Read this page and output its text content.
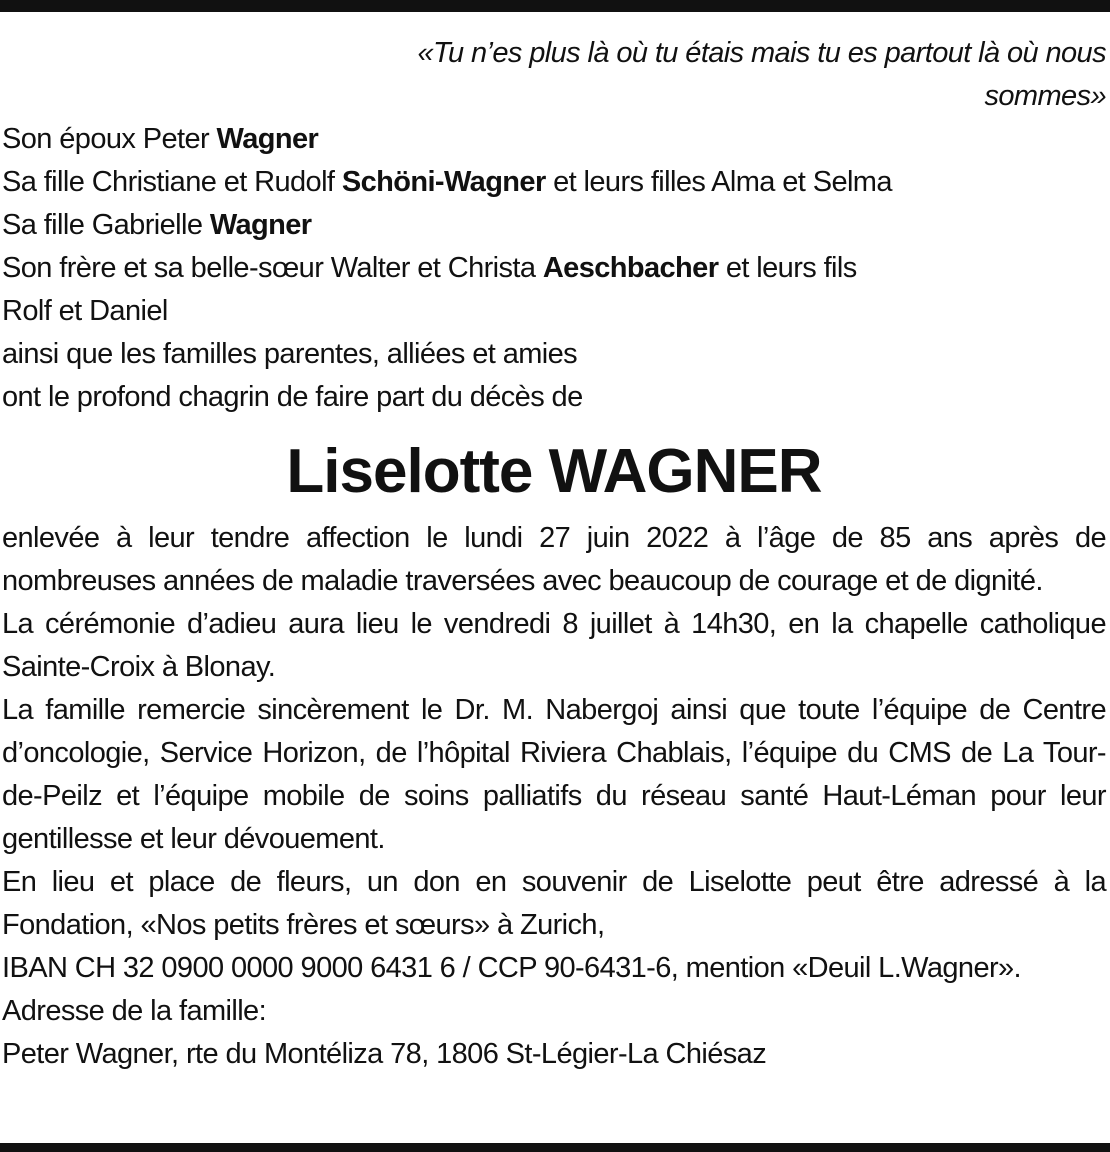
«Tu n’es plus là où tu étais mais tu es partout là où nous sommes»
Son époux Peter Wagner
Sa fille Christiane et Rudolf Schöni-Wagner et leurs filles Alma et Selma
Sa fille Gabrielle Wagner
Son frère et sa belle-sœur Walter et Christa Aeschbacher et leurs fils
Rolf et Daniel
ainsi que les familles parentes, alliées et amies
ont le profond chagrin de faire part du décès de
Liselotte WAGNER

enlevée à leur tendre affection le lundi 27 juin 2022 à l’âge de 85 ans après de nombreuses années de maladie traversées avec beaucoup de courage et de dignité.

La cérémonie d’adieu aura lieu le vendredi 8 juillet à 14h30, en la chapelle catholique Sainte-Croix à Blonay.

La famille remercie sincèrement le Dr. M. Nabergoj ainsi que toute l’équipe de Centre d’oncologie, Service Horizon, de l’hôpital Riviera Chablais, l’équipe du CMS de La Tour-de-Peilz et l’équipe mobile de soins palliatifs du réseau santé Haut-Léman pour leur gentillesse et leur dévouement.

En lieu et place de fleurs, un don en souvenir de Liselotte peut être adressé à la Fondation, «Nos petits frères et sœurs» à Zurich,

IBAN CH 32 0900 0000 9000 6431 6 / CCP 90-6431-6, mention «Deuil L.Wagner».

Adresse de la famille:

Peter Wagner, rte du Montéliza 78, 1806 St-Légier-La Chiésaz
